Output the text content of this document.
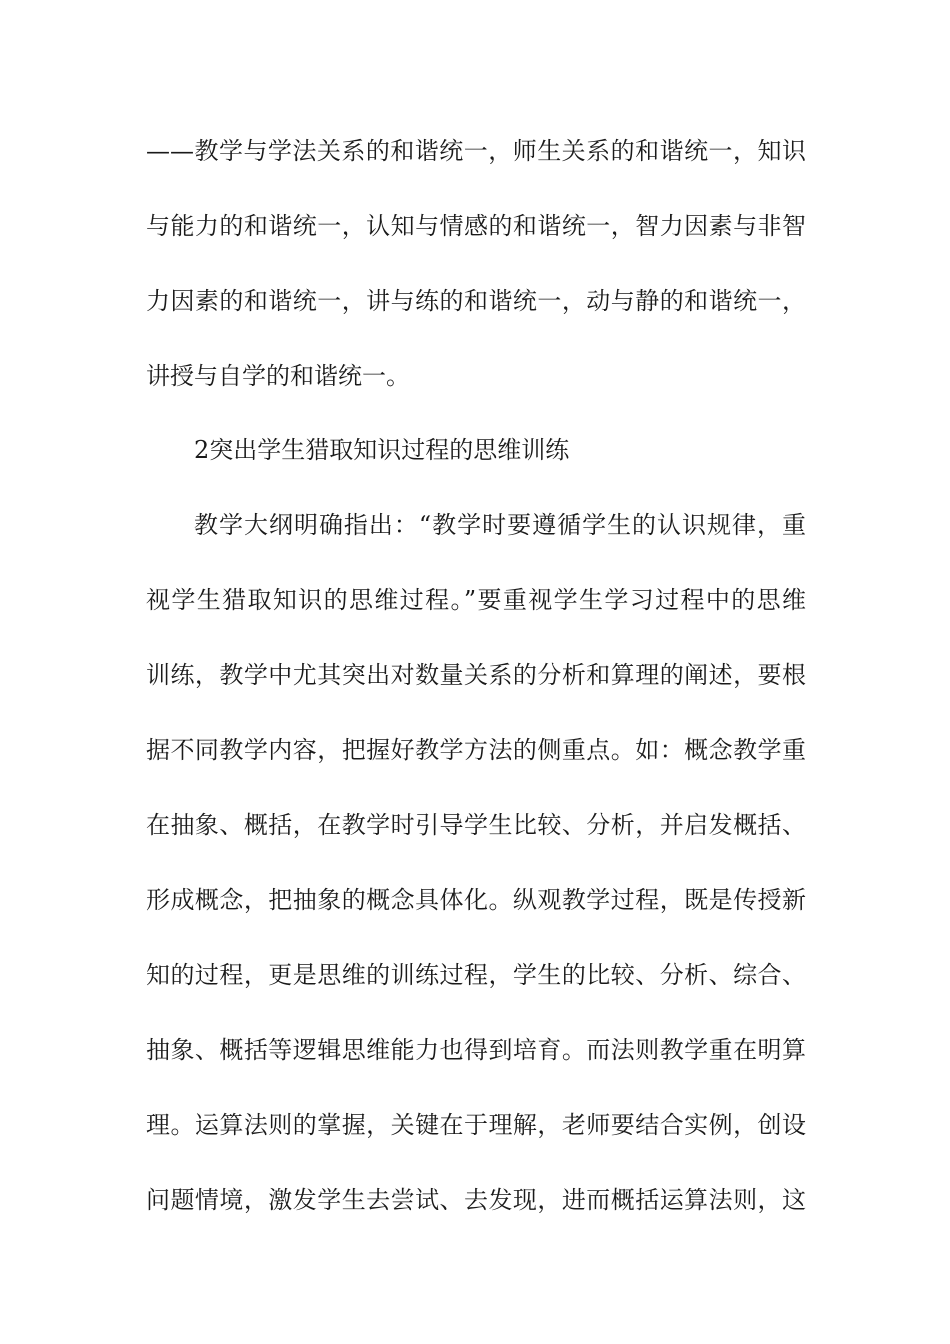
——教学与学法关系的和谐统一，师生关系的和谐统一，知识
与能力的和谐统一，认知与情感的和谐统一，智力因素与非智
力因素的和谐统一，讲与练的和谐统一，动与静的和谐统一，
讲授与自学的和谐统一。
2突出学生猎取知识过程的思维训练
教学大纲明确指出：“教学时要遵循学生的认识规律，重
视学生猎取知识的思维过程。”要重视学生学习过程中的思维
训练，教学中尤其突出对数量关系的分析和算理的阐述，要根
据不同教学内容，把握好教学方法的侧重点。如：概念教学重
在抽象、概括，在教学时引导学生比较、分析，并启发概括、
形成概念，把抽象的概念具体化。纵观教学过程，既是传授新
知的过程，更是思维的训练过程，学生的比较、分析、综合、
抽象、概括等逻辑思维能力也得到培育。而法则教学重在明算
理。运算法则的掌握，关键在于理解，老师要结合实例，创设
问题情境，激发学生去尝试、去发现，进而概括运算法则，这
